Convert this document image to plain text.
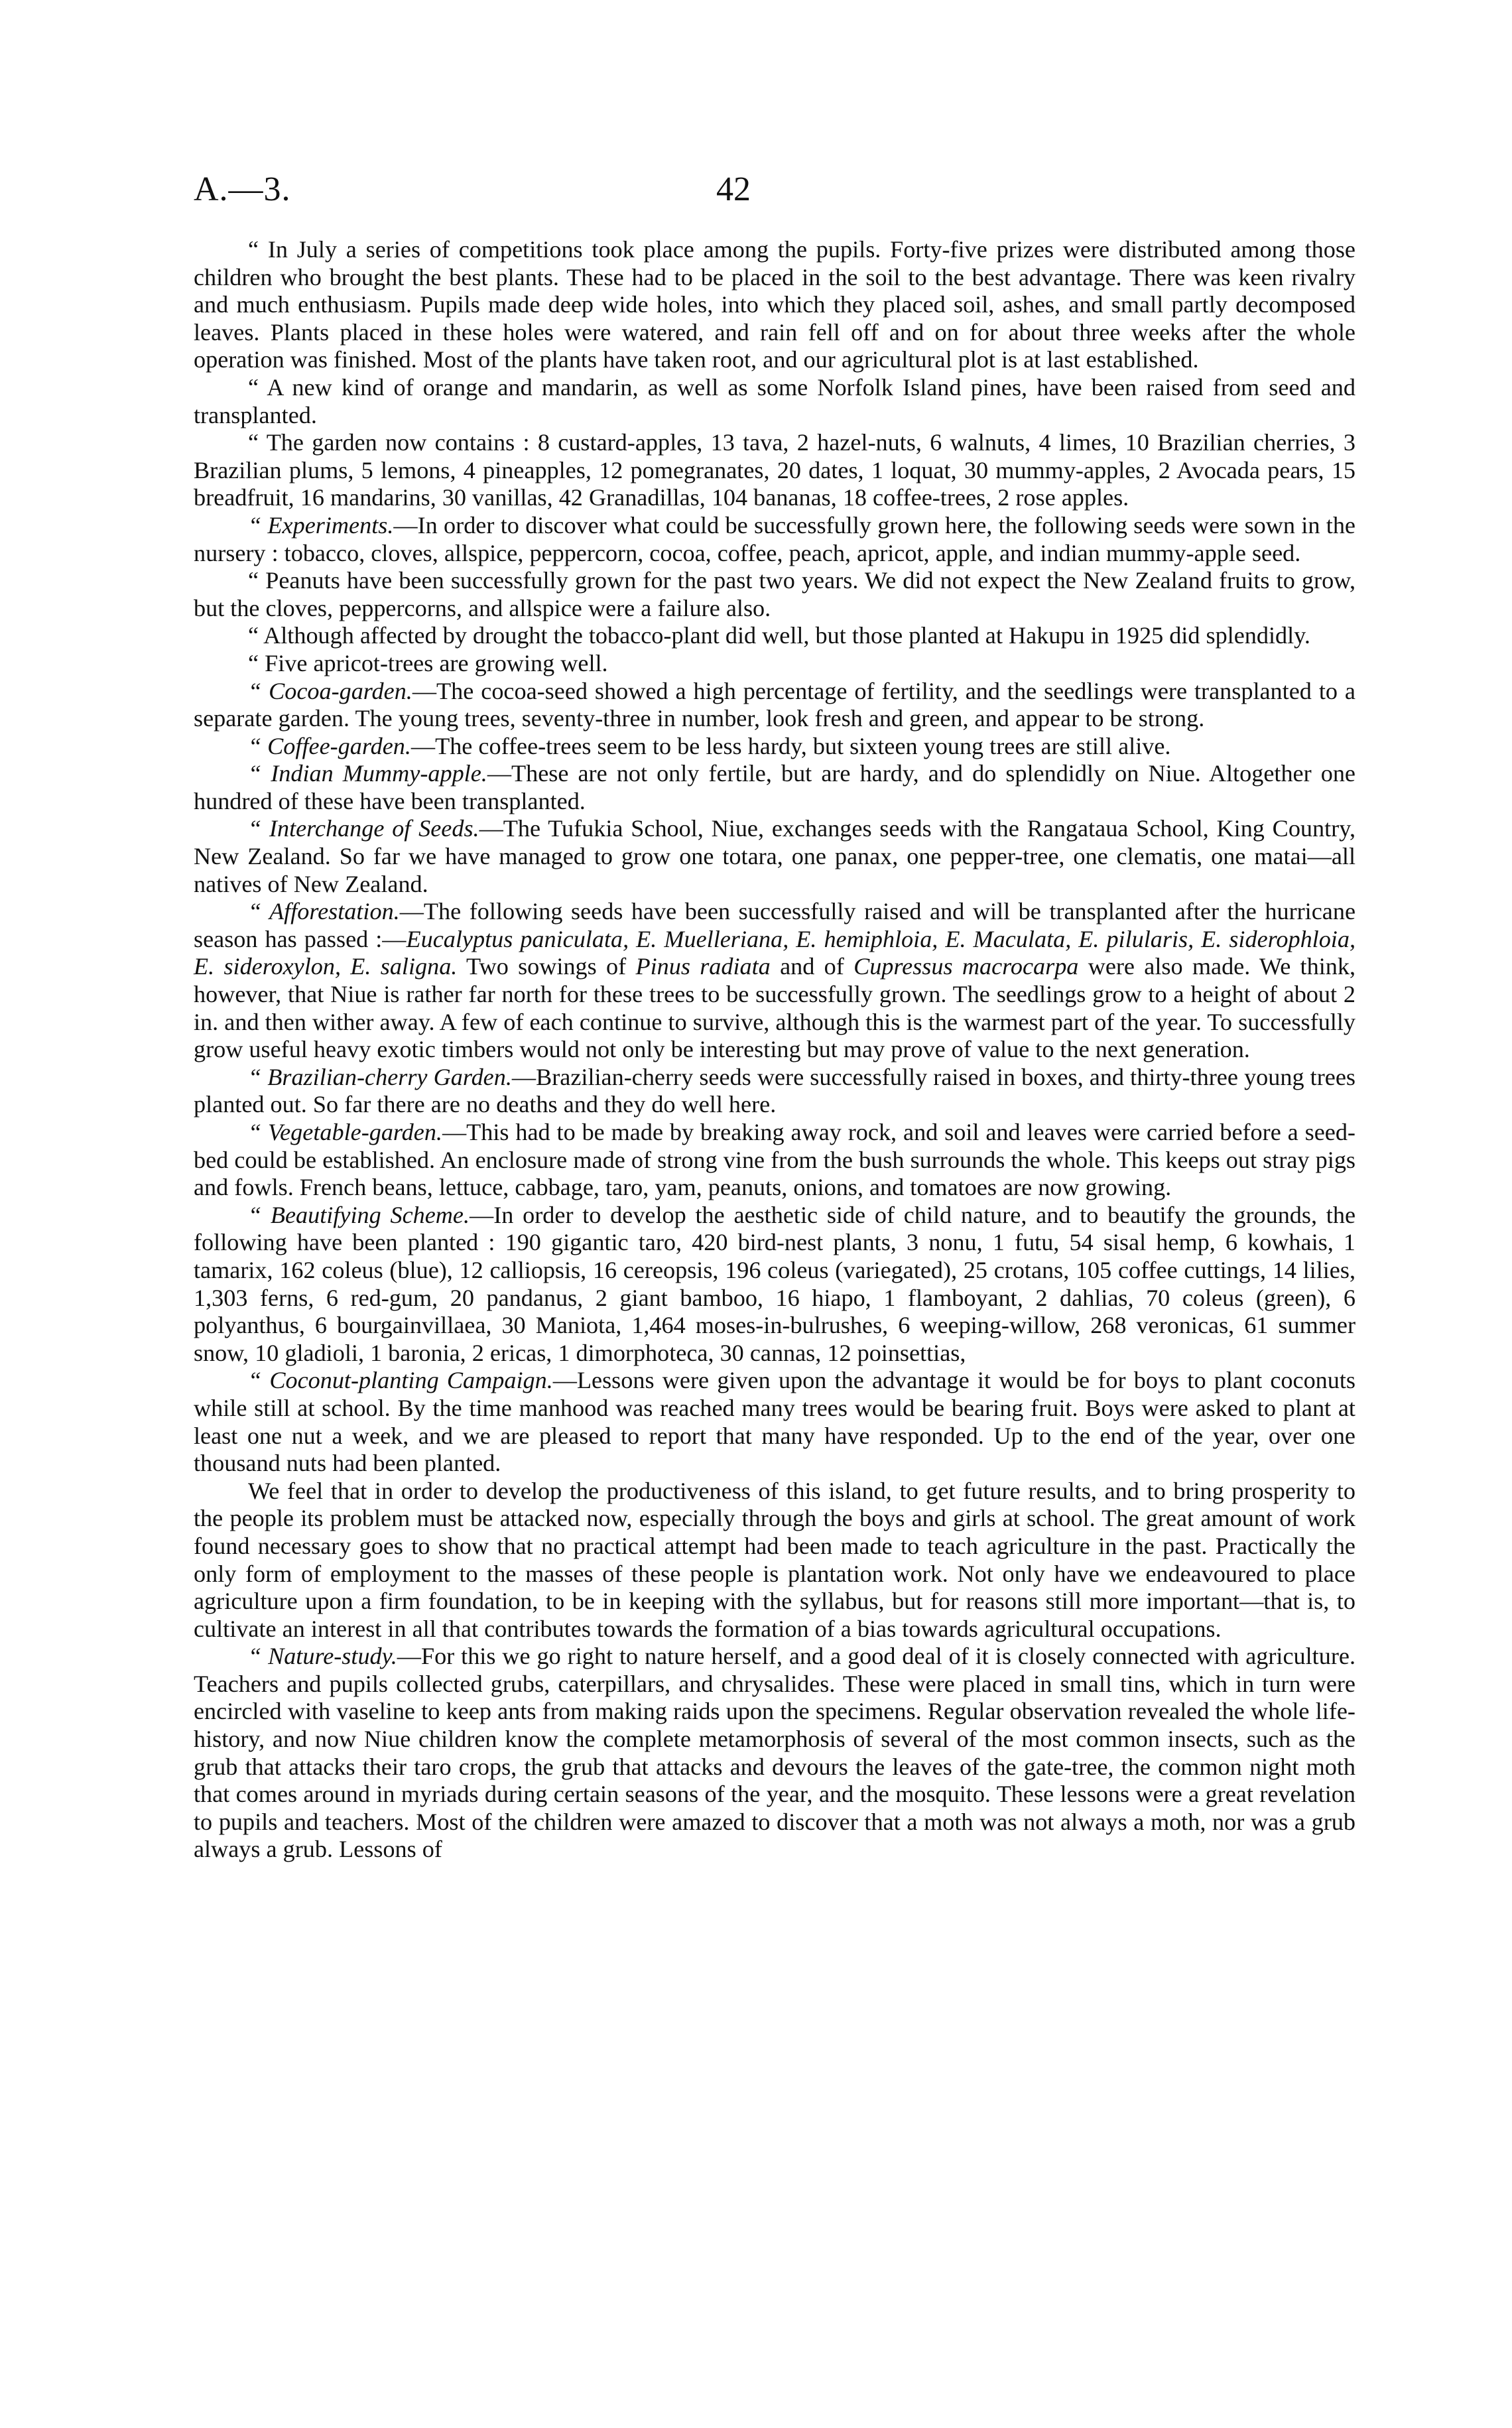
A.—3.	42

“ In July a series of competitions took place among the pupils. Forty-five prizes were distributed among those children who brought the best plants. These had to be placed in the soil to the best advantage. There was keen rivalry and much enthusiasm. Pupils made deep wide holes, into which they placed soil, ashes, and small partly decomposed leaves. Plants placed in these holes were watered, and rain fell off and on for about three weeks after the whole operation was finished. Most of the plants have taken root, and our agricultural plot is at last established.

“ A new kind of orange and mandarin, as well as some Norfolk Island pines, have been raised from seed and transplanted.

“ The garden now contains : 8 custard-apples, 13 tava, 2 hazel-nuts, 6 walnuts, 4 limes, 10 Brazilian cherries, 3 Brazilian plums, 5 lemons, 4 pineapples, 12 pomegranates, 20 dates, 1 loquat, 30 mummy-apples, 2 Avocada pears, 15 breadfruit, 16 mandarins, 30 vanillas, 42 Granadillas, 104 bananas, 18 coffee-trees, 2 rose apples.

“ Experiments.—In order to discover what could be successfully grown here, the following seeds were sown in the nursery : tobacco, cloves, allspice, peppercorn, cocoa, coffee, peach, apricot, apple, and indian mummy-apple seed.

“ Peanuts have been successfully grown for the past two years. We did not expect the New Zealand fruits to grow, but the cloves, peppercorns, and allspice were a failure also.

“ Although affected by drought the tobacco-plant did well, but those planted at Hakupu in 1925 did splendidly.

“ Five apricot-trees are growing well.

“ Cocoa-garden.—The cocoa-seed showed a high percentage of fertility, and the seedlings were transplanted to a separate garden. The young trees, seventy-three in number, look fresh and green, and appear to be strong.

“ Coffee-garden.—The coffee-trees seem to be less hardy, but sixteen young trees are still alive.

“ Indian Mummy-apple.—These are not only fertile, but are hardy, and do splendidly on Niue. Altogether one hundred of these have been transplanted.

“ Interchange of Seeds.—The Tufukia School, Niue, exchanges seeds with the Rangataua School, King Country, New Zealand. So far we have managed to grow one totara, one panax, one pepper-tree, one clematis, one matai—all natives of New Zealand.

“ Afforestation.—The following seeds have been successfully raised and will be transplanted after the hurricane season has passed :—Eucalyptus paniculata, E. Muelleriana, E. hemiphloia, E. Maculata, E. pilularis, E. siderophloia, E. sideroxylon, E. saligna. Two sowings of Pinus radiata and of Cupressus macrocarpa were also made. We think, however, that Niue is rather far north for these trees to be successfully grown. The seedlings grow to a height of about 2 in. and then wither away. A few of each continue to survive, although this is the warmest part of the year. To successfully grow useful heavy exotic timbers would not only be interesting but may prove of value to the next generation.

“ Brazilian-cherry Garden.—Brazilian-cherry seeds were successfully raised in boxes, and thirty-three young trees planted out. So far there are no deaths and they do well here.

“ Vegetable-garden.—This had to be made by breaking away rock, and soil and leaves were carried before a seed-bed could be established. An enclosure made of strong vine from the bush surrounds the whole. This keeps out stray pigs and fowls. French beans, lettuce, cabbage, taro, yam, peanuts, onions, and tomatoes are now growing.

“ Beautifying Scheme.—In order to develop the aesthetic side of child nature, and to beautify the grounds, the following have been planted : 190 gigantic taro, 420 bird-nest plants, 3 nonu, 1 futu, 54 sisal hemp, 6 kowhais, 1 tamarix, 162 coleus (blue), 12 calliopsis, 16 cereopsis, 196 coleus (variegated), 25 crotans, 105 coffee cuttings, 14 lilies, 1,303 ferns, 6 red-gum, 20 pandanus, 2 giant bamboo, 16 hiapo, 1 flamboyant, 2 dahlias, 70 coleus (green), 6 polyanthus, 6 bourgainvillaea, 30 Maniota, 1,464 moses-in-bulrushes, 6 weeping-willow, 268 veronicas, 61 summer snow, 10 gladioli, 1 baronia, 2 ericas, 1 dimorphoteca, 30 cannas, 12 poinsettias,

“ Coconut-planting Campaign.—Lessons were given upon the advantage it would be for boys to plant coconuts while still at school. By the time manhood was reached many trees would be bearing fruit. Boys were asked to plant at least one nut a week, and we are pleased to report that many have responded. Up to the end of the year, over one thousand nuts had been planted.

We feel that in order to develop the productiveness of this island, to get future results, and to bring prosperity to the people its problem must be attacked now, especially through the boys and girls at school. The great amount of work found necessary goes to show that no practical attempt had been made to teach agriculture in the past. Practically the only form of employment to the masses of these people is plantation work. Not only have we endeavoured to place agriculture upon a firm foundation, to be in keeping with the syllabus, but for reasons still more important—that is, to cultivate an interest in all that contributes towards the formation of a bias towards agricultural occupations.

“ Nature-study.—For this we go right to nature herself, and a good deal of it is closely connected with agriculture. Teachers and pupils collected grubs, caterpillars, and chrysalides. These were placed in small tins, which in turn were encircled with vaseline to keep ants from making raids upon the specimens. Regular observation revealed the whole life-history, and now Niue children know the complete metamorphosis of several of the most common insects, such as the grub that attacks their taro crops, the grub that attacks and devours the leaves of the gate-tree, the common night moth that comes around in myriads during certain seasons of the year, and the mosquito. These lessons were a great revelation to pupils and teachers. Most of the children were amazed to discover that a moth was not always a moth, nor was a grub always a grub. Lessons of
